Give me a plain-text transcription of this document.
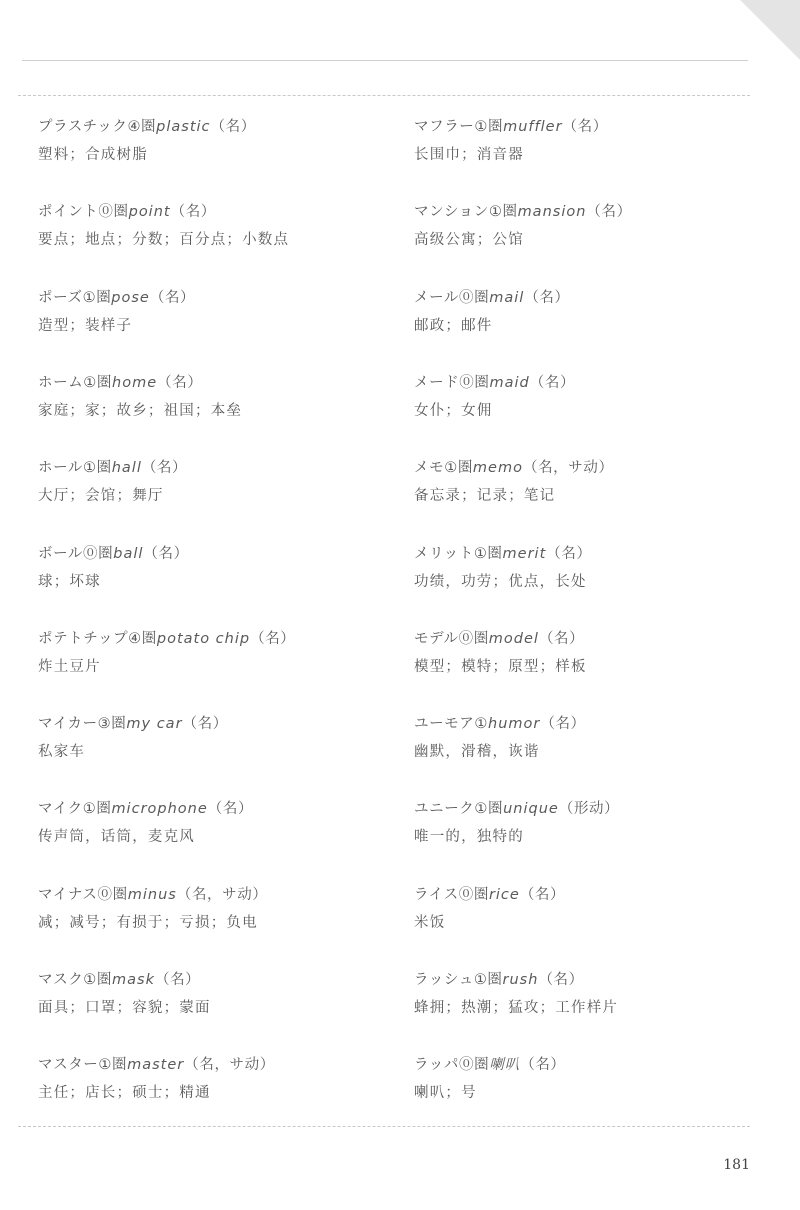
プラスチック④圏plastic（名）
塑料；合成树脂
ポイント⓪圏point（名）
要点；地点；分数；百分点；小数点
ポーズ①圏pose（名）
造型；装样子
ホーム①圏home（名）
家庭；家；故乡；祖国；本垒
ホール①圏hall（名）
大厅；会馆；舞厅
ボール⓪圏ball（名）
球；坏球
ポテトチップ④圏potato chip（名）
炸土豆片
マイカー③圏my car（名）
私家车
マイク①圏microphone（名）
传声筒，话筒，麦克风
マイナス⓪圏minus（名，サ动）
减；减号；有损于；亏损；负电
マスク①圏mask（名）
面具；口罩；容貌；蒙面
マスター①圏master（名，サ动）
主任；店长；硕士；精通
マフラー①圏muffler（名）
长围巾；消音器
マンション①圏mansion（名）
高级公寓；公馆
メール⓪圏mail（名）
邮政；邮件
メード⓪圏maid（名）
女仆；女佣
メモ①圏memo（名，サ动）
备忘录；记录；笔记
メリット①圏merit（名）
功绩，功劳；优点，长处
モデル⓪圏model（名）
模型；模特；原型；样板
ユーモア①humor（名）
幽默，滑稽，诙谐
ユニーク①圏unique（形动）
唯一的，独特的
ライス⓪圏rice（名）
米饭
ラッシュ①圏rush（名）
蜂拥；热潮；猛攻；工作样片
ラッパ⓪圏喇叭（名）
喇叭；号
181
